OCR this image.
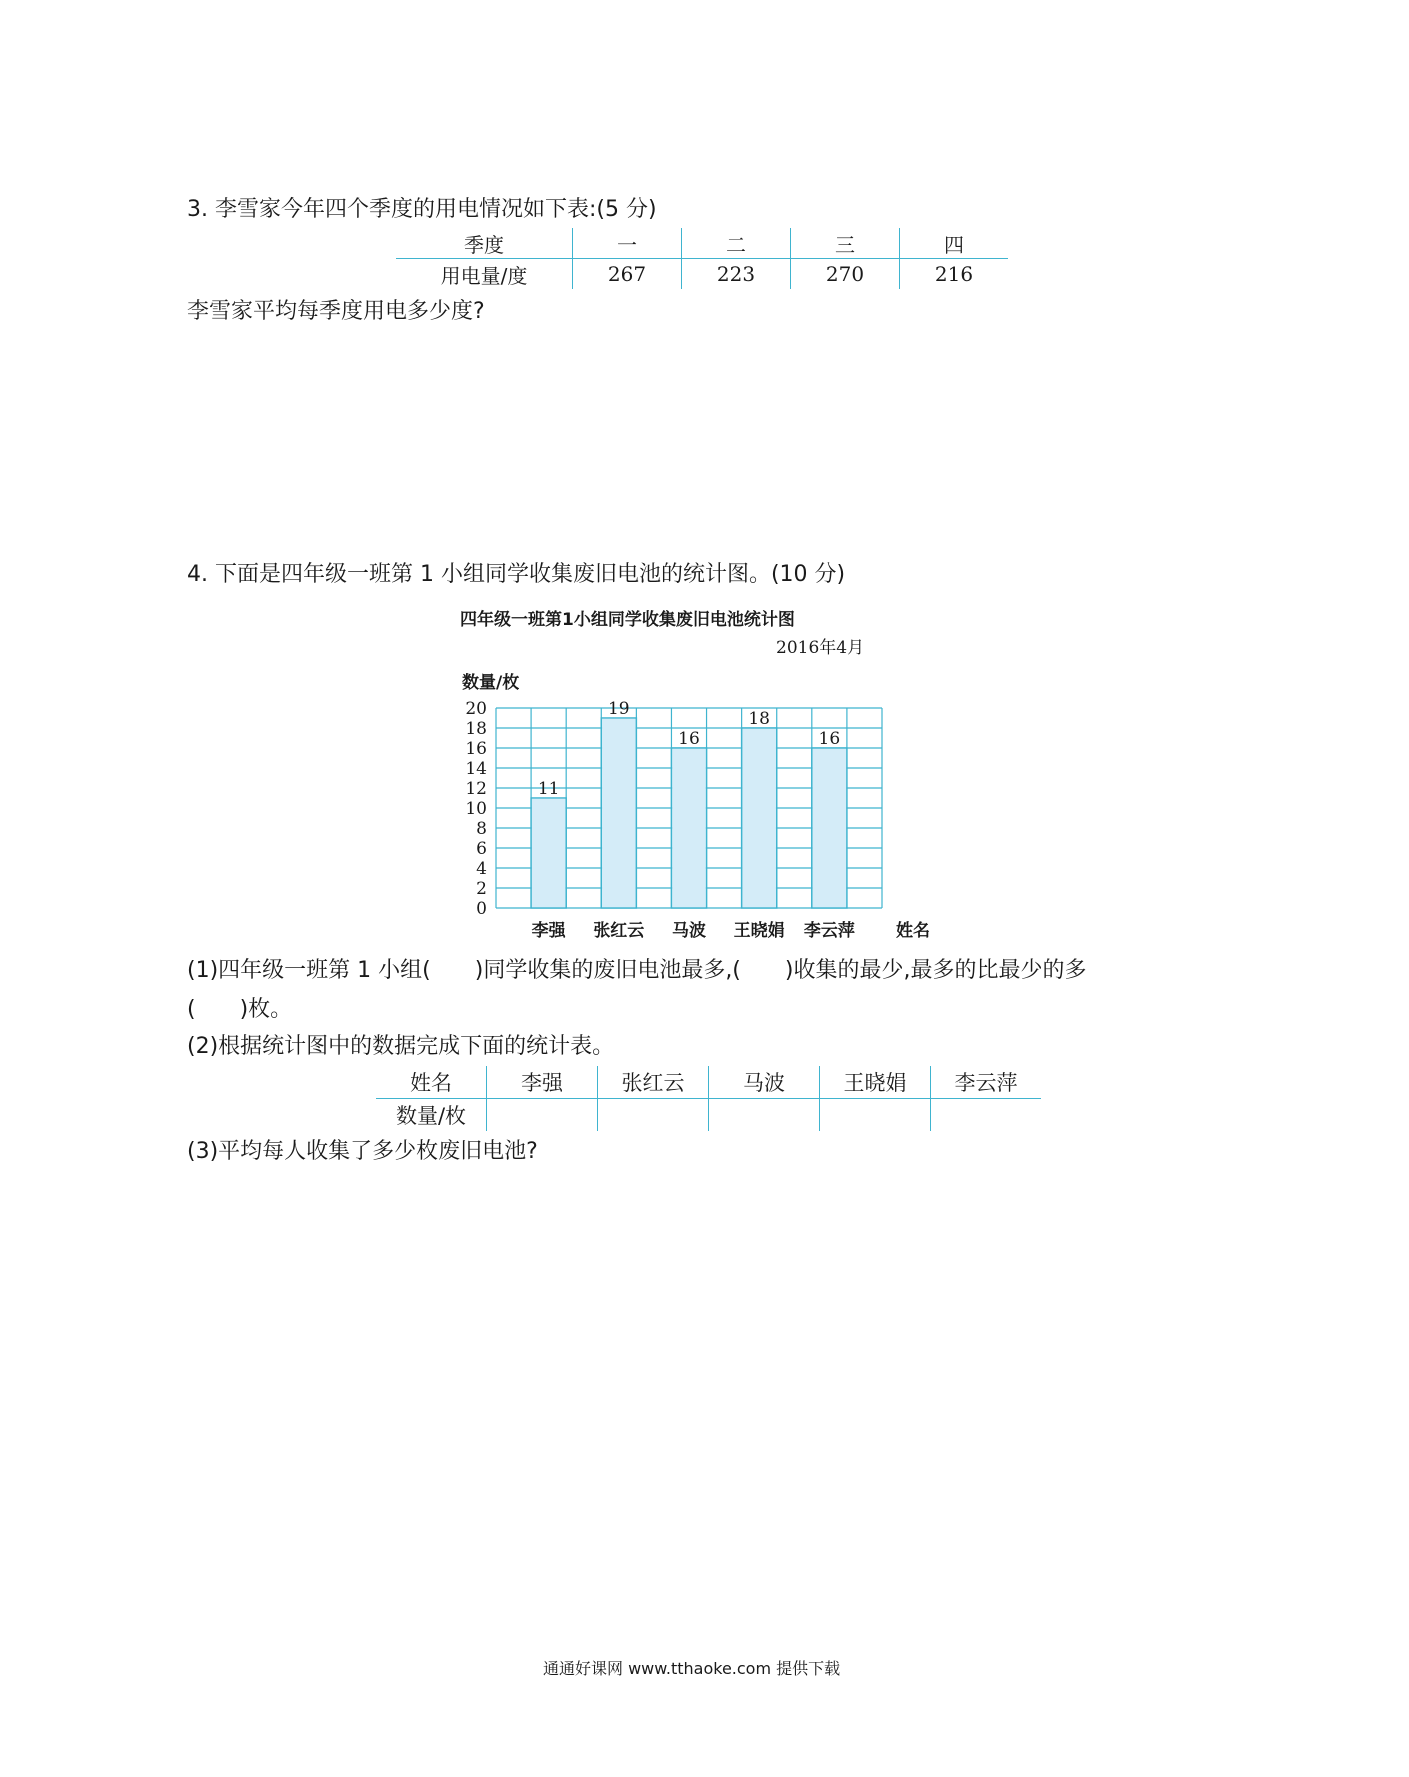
3. 李雪家今年四个季度的用电情况如下表:(5 分)
季度	一	二	三	四
用电量/度	267	223	270	216
李雪家平均每季度用电多少度?
4. 下面是四年级一班第 1 小组同学收集废旧电池的统计图。(10 分)
四年级一班第1小组同学收集废旧电池统计图
2016年4月
数量/枚
11
19
16
18
16
0
2
4
6
8
10
12
14
16
18
20
李强 张红云 马波 王晓娟 李云萍 姓名
(1)四年级一班第 1 小组(　　)同学收集的废旧电池最多,(　　)收集的最少,最多的比最少的多
(　　)枚。
(2)根据统计图中的数据完成下面的统计表。
姓名	李强	张红云	马波	王晓娟	李云萍
数量/枚					
(3)平均每人收集了多少枚废旧电池?
通通好课网 www.tthaoke.com 提供下载
